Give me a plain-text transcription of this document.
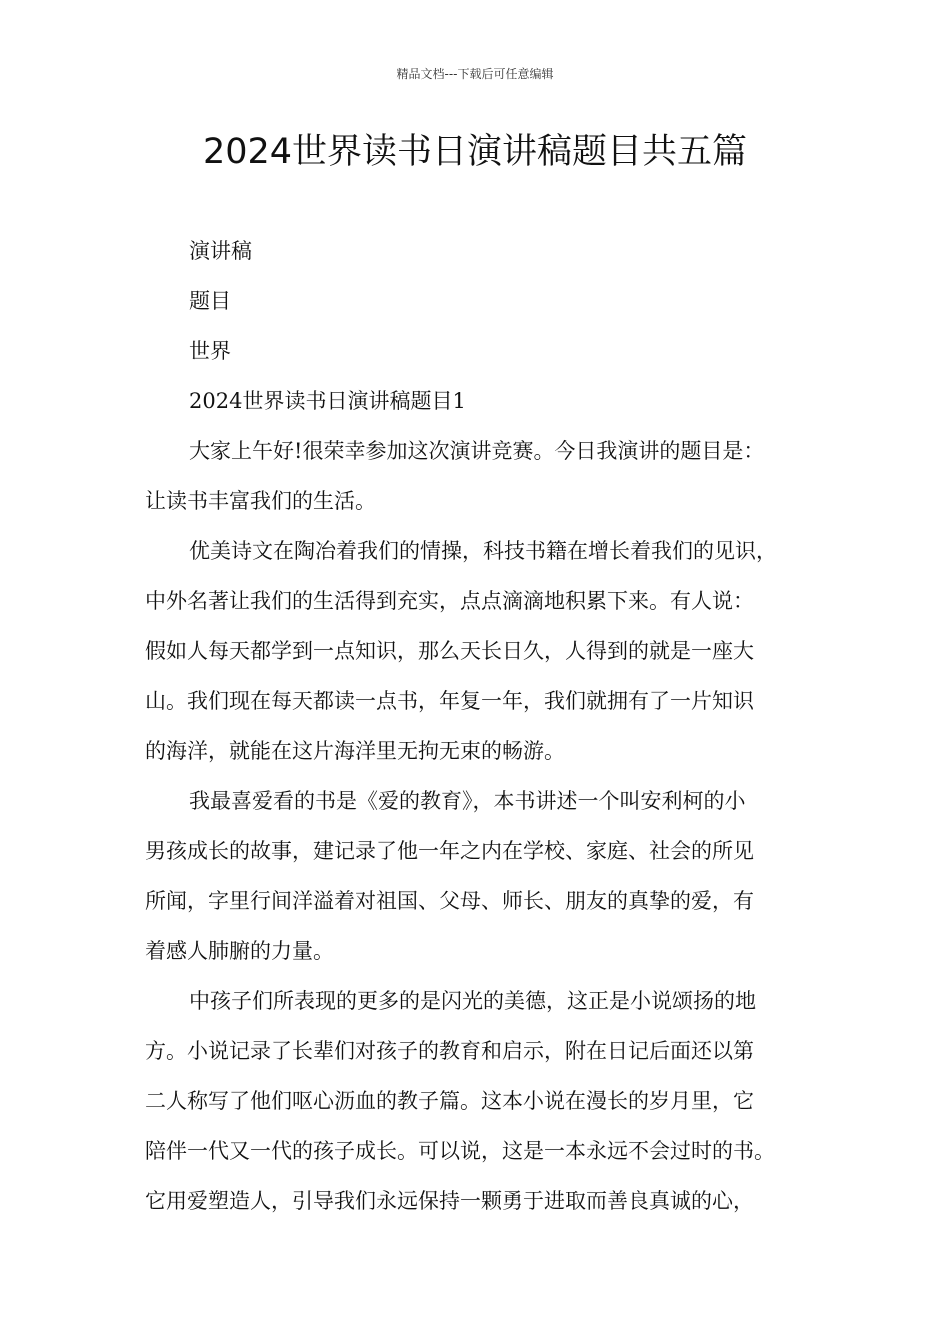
精品文档---下载后可任意编辑
2024世界读书日演讲稿题目共五篇

演讲稿

题目

世界

2024世界读书日演讲稿题目1

大家上午好!很荣幸参加这次演讲竞赛。今日我演讲的题目是：
让读书丰富我们的生活。
优美诗文在陶冶着我们的情操，科技书籍在增长着我们的见识，
中外名著让我们的生活得到充实，点点滴滴地积累下来。有人说：
假如人每天都学到一点知识，那么天长日久，人得到的就是一座大
山。我们现在每天都读一点书，年复一年，我们就拥有了一片知识
的海洋，就能在这片海洋里无拘无束的畅游。
我最喜爱看的书是《爱的教育》，本书讲述一个叫安利柯的小
男孩成长的故事，建记录了他一年之内在学校、家庭、社会的所见
所闻，字里行间洋溢着对祖国、父母、师长、朋友的真挚的爱，有
着感人肺腑的力量。
中孩子们所表现的更多的是闪光的美德，这正是小说颂扬的地
方。小说记录了长辈们对孩子的教育和启示，附在日记后面还以第
二人称写了他们呕心沥血的教子篇。这本小说在漫长的岁月里，它
陪伴一代又一代的孩子成长。可以说，这是一本永远不会过时的书。
它用爱塑造人，引导我们永远保持一颗勇于进取而善良真诚的心，
